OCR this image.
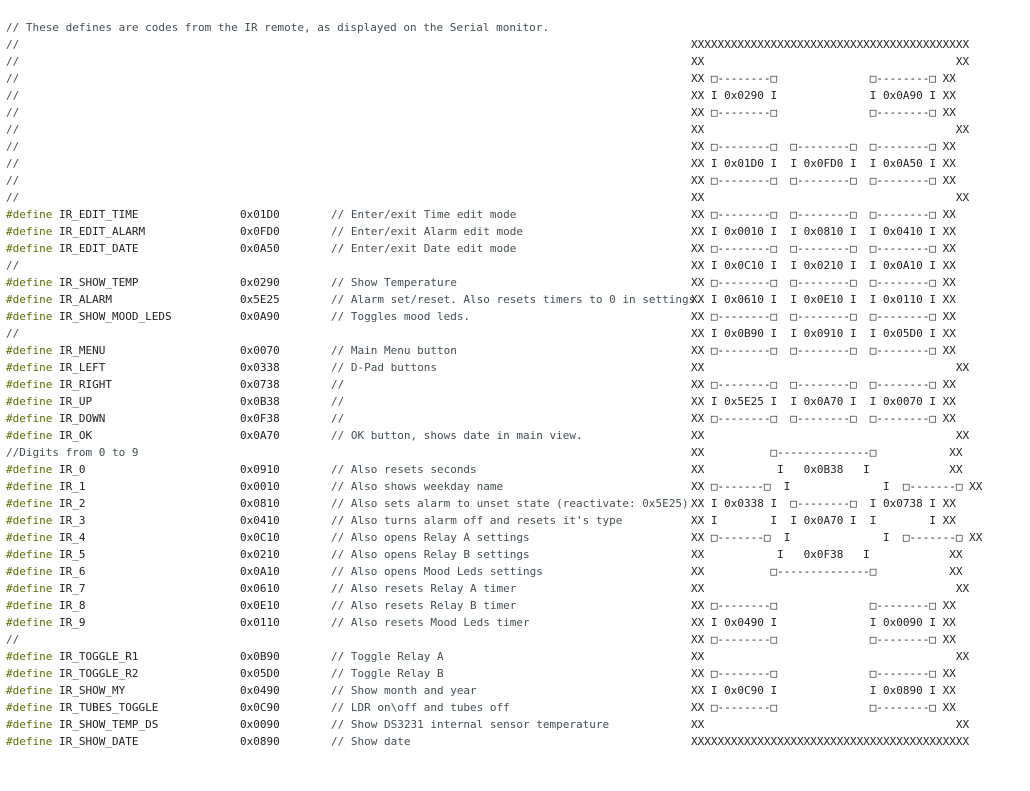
// These defines are codes from the IR remote, as displayed on the Serial monitor.
//
//
//
//
//
//
//
//
//
//
#define IR_EDIT_TIME	0x01D0	// Enter/exit Time edit mode
#define IR_EDIT_ALARM	0x0FD0	// Enter/exit Alarm edit mode
#define IR_EDIT_DATE	0x0A50	// Enter/exit Date edit mode
//
#define IR_SHOW_TEMP	0x0290	// Show Temperature
#define IR_ALARM	0x5E25	// Alarm set/reset. Also resets timers to 0 in settings.
#define IR_SHOW_MOOD_LEDS	0x0A90	// Toggles mood leds.
//
#define IR_MENU	0x0070	// Main Menu button
#define IR_LEFT	0x0338	// D-Pad buttons
#define IR_RIGHT	0x0738	//
#define IR_UP	0x0B38	//
#define IR_DOWN	0x0F38	//
#define IR_OK	0x0A70	// OK button, shows date in main view.
//Digits from 0 to 9
#define IR_0	0x0910	// Also resets seconds
#define IR_1	0x0010	// Also shows weekday name
#define IR_2	0x0810	// Also sets alarm to unset state (reactivate: 0x5E25)
#define IR_3	0x0410	// Also turns alarm off and resets it's type
#define IR_4	0x0C10	// Also opens Relay A settings
#define IR_5	0x0210	// Also opens Relay B settings
#define IR_6	0x0A10	// Also opens Mood Leds settings
#define IR_7	0x0610	// Also resets Relay A timer
#define IR_8	0x0E10	// Also resets Relay B timer
#define IR_9	0x0110	// Also resets Mood Leds timer
//
#define IR_TOGGLE_R1	0x0B90	// Toggle Relay A
#define IR_TOGGLE_R2	0x05D0	// Toggle Relay B
#define IR_SHOW_MY	0x0490	// Show month and year
#define IR_TUBES_TOGGLE	0x0C90	// LDR on\off and tubes off
#define IR_SHOW_TEMP_DS	0x0090	// Show DS3231 internal sensor temperature
#define IR_SHOW_DATE	0x0890	// Show date
XXXXXXXXXXXXXXXXXXXXXXXXXXXXXXXXXXXXXXXXXX
XX                                      XX
XX □--------□              □--------□ XX
XX I 0x0290 I              I 0x0A90 I XX
XX □--------□              □--------□ XX
XX                                      XX
XX □--------□  □--------□  □--------□ XX
XX I 0x01D0 I  I 0x0FD0 I  I 0x0A50 I XX
XX □--------□  □--------□  □--------□ XX
XX                                      XX
XX □--------□  □--------□  □--------□ XX
XX I 0x0010 I  I 0x0810 I  I 0x0410 I XX
XX □--------□  □--------□  □--------□ XX
XX I 0x0C10 I  I 0x0210 I  I 0x0A10 I XX
XX □--------□  □--------□  □--------□ XX
XX I 0x0610 I  I 0x0E10 I  I 0x0110 I XX
XX □--------□  □--------□  □--------□ XX
XX I 0x0B90 I  I 0x0910 I  I 0x05D0 I XX
XX □--------□  □--------□  □--------□ XX
XX                                      XX
XX □--------□  □--------□  □--------□ XX
XX I 0x5E25 I  I 0x0A70 I  I 0x0070 I XX
XX □--------□  □--------□  □--------□ XX
XX                                      XX
XX          □--------------□           XX
XX           I   0x0B38   I            XX
XX □-------□  I              I  □-------□ XX
XX I 0x0338 I  □--------□  I 0x0738 I XX
XX I        I  I 0x0A70 I  I        I XX
XX □-------□  I              I  □-------□ XX
XX           I   0x0F38   I            XX
XX          □--------------□           XX
XX                                      XX
XX □--------□              □--------□ XX
XX I 0x0490 I              I 0x0090 I XX
XX □--------□              □--------□ XX
XX                                      XX
XX □--------□              □--------□ XX
XX I 0x0C90 I              I 0x0890 I XX
XX □--------□              □--------□ XX
XX                                      XX
XXXXXXXXXXXXXXXXXXXXXXXXXXXXXXXXXXXXXXXXXX
